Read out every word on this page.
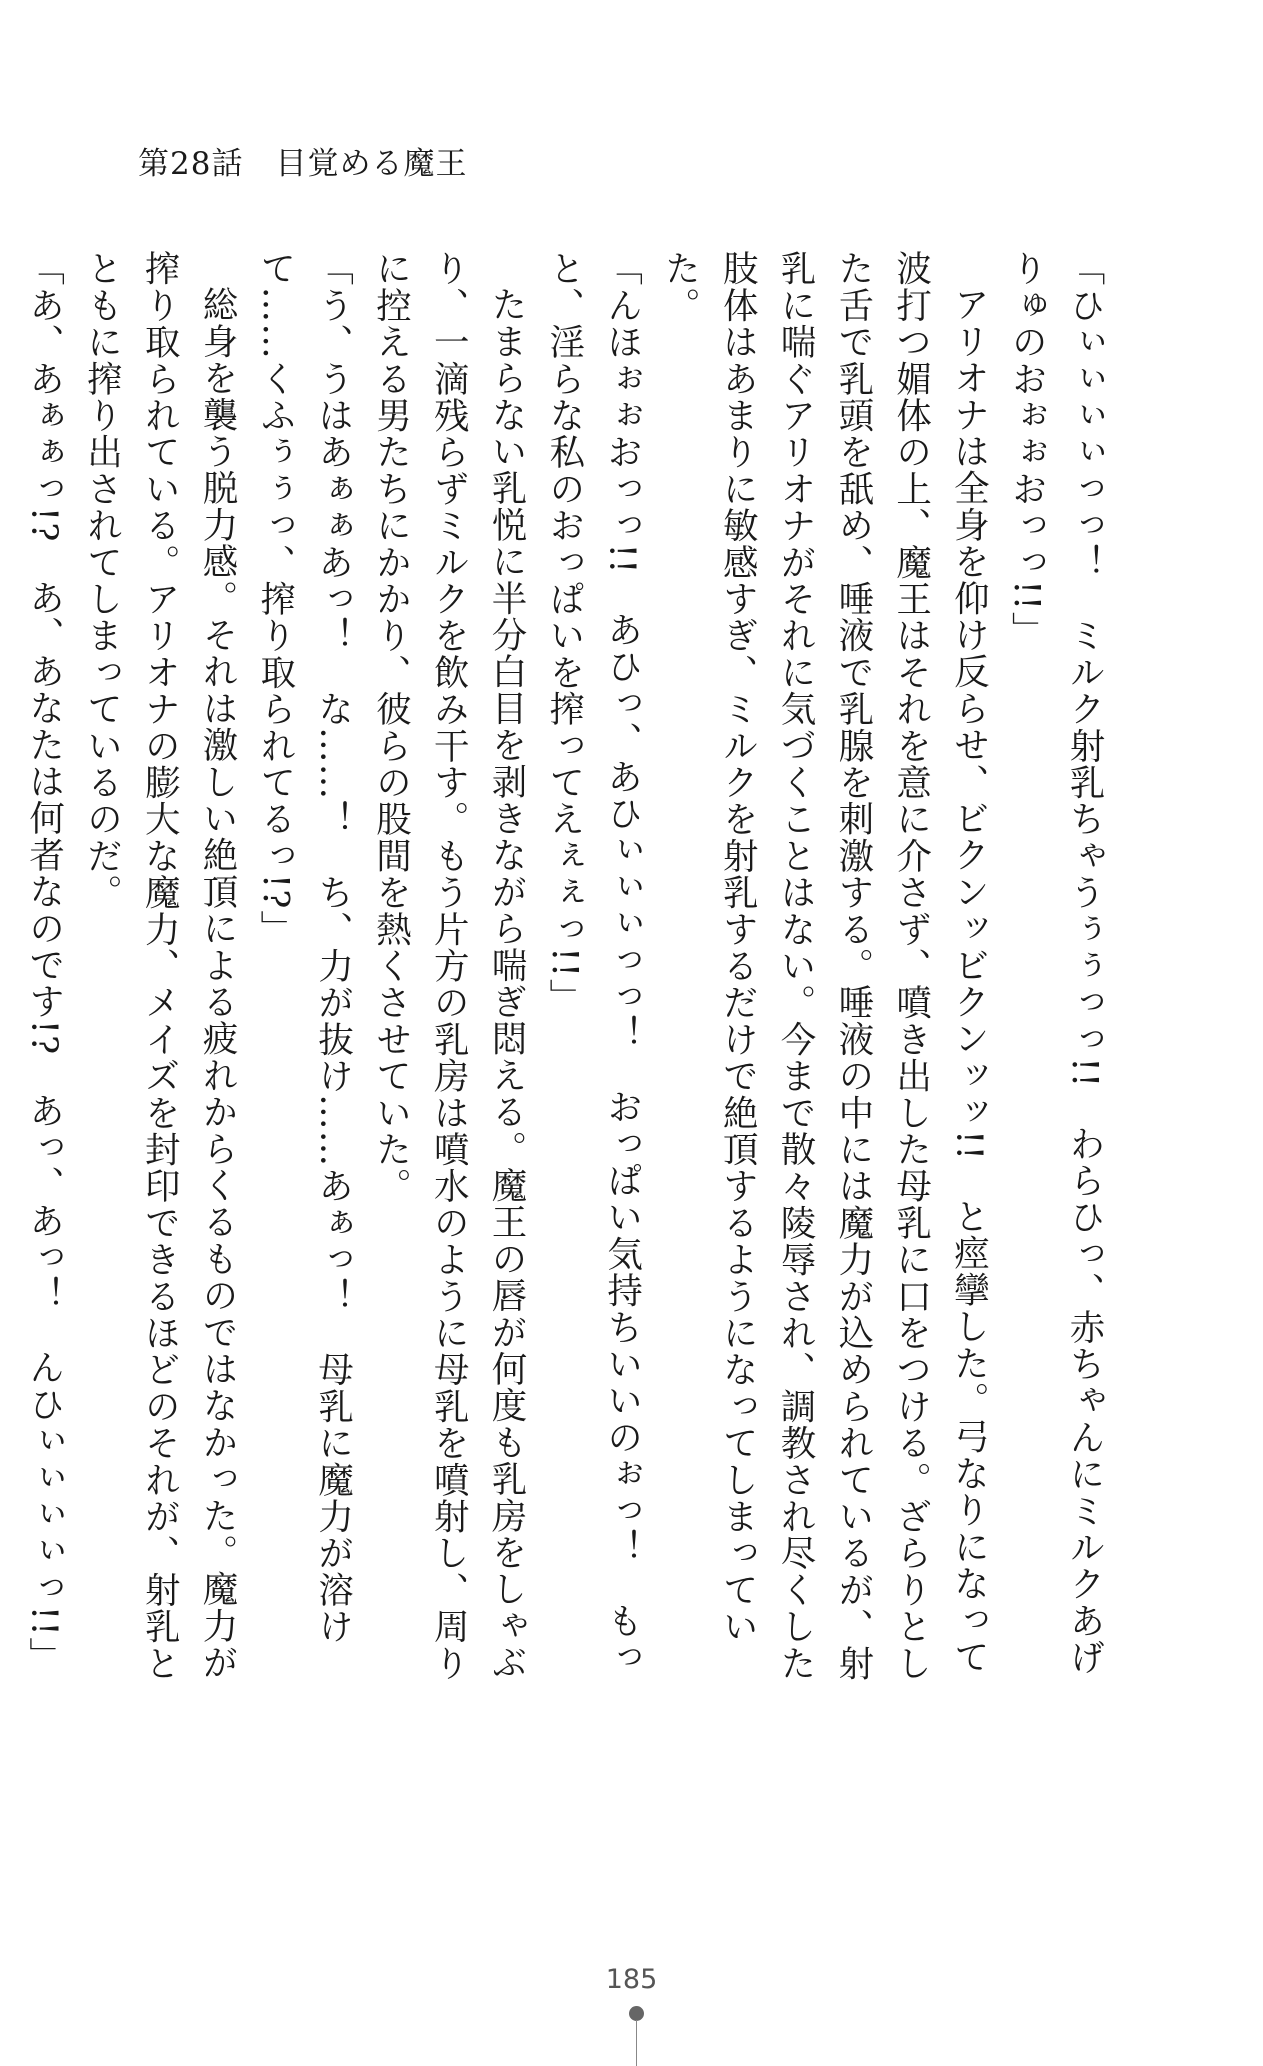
第28話　目覚める魔王

「ひぃぃぃぃっっ！　ミルク射乳ちゃうぅぅっっ!!　わらひっ、赤ちゃんにミルクあげりゅのおぉぉおっっ!!」

アリオナは全身を仰け反らせ、ビクンッビクンッッ!!　と痙攣した。弓なりになって波打つ媚体の上、魔王はそれを意に介さず、噴き出した母乳に口をつける。ざらりとした舌で乳頭を舐め、唾液で乳腺を刺激する。唾液の中には魔力が込められているが、射乳に喘ぐアリオナがそれに気づくことはない。今まで散々陵辱され、調教され尽くした肢体はあまりに敏感すぎ、ミルクを射乳するだけで絶頂するようになってしまっていた。

「んほぉぉおっっ!!　あひっ、あひぃぃぃっっ！　おっぱい気持ちいいのぉっ！　もっと、淫らな私のおっぱいを搾ってえぇぇっ!!」

たまらない乳悦に半分白目を剥きながら喘ぎ悶える。魔王の唇が何度も乳房をしゃぶり、一滴残らずミルクを飲み干す。もう片方の乳房は噴水のように母乳を噴射し、周りに控える男たちにかかり、彼らの股間を熱くさせていた。

「う、うはあぁぁあっ！　な……！　ち、力が抜け……あぁっ！　母乳に魔力が溶けて……くふぅぅっ、搾り取られてるっ!?」

総身を襲う脱力感。それは激しい絶頂による疲れからくるものではなかった。魔力が搾り取られている。アリオナの膨大な魔力、メイズを封印できるほどのそれが、射乳とともに搾り出されてしまっているのだ。

「あ、あぁぁっ!?　あ、あなたは何者なのです!?　あっ、あっ！　んひぃぃぃぃっ!!」

185
